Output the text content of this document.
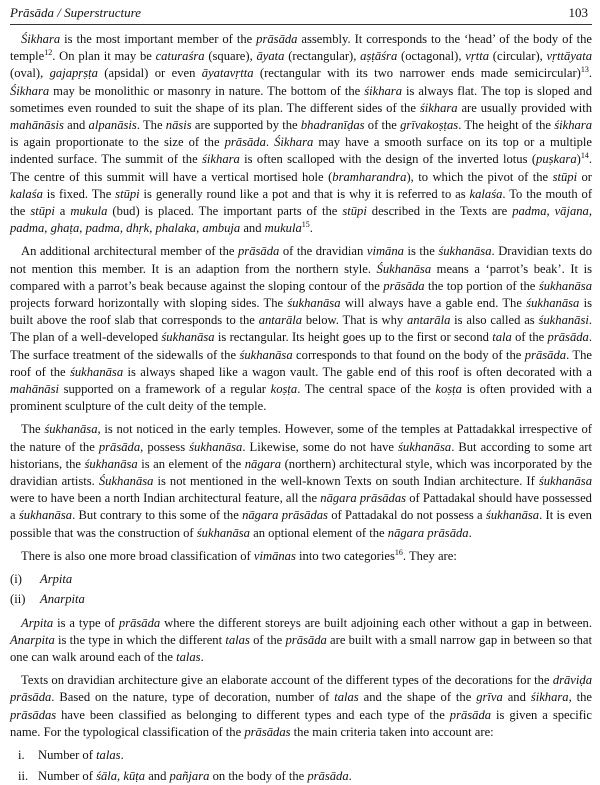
Prāsāda / Superstructure	103

Śikhara is the most important member of the prāsāda assembly. It corresponds to the ‘head’ of the body of the temple$^{12}$. On plan it may be caturaśra (square), āyata (rectangular), aṣṭāśra (octagonal), vṛtta (circular), vṛttāyata (oval), gajapṛṣṭa (apsidal) or even āyatavṛtta (rectangular with its two narrower ends made semicircular)$^{13}$. Śikhara may be monolithic or masonry in nature. The bottom of the śikhara is always flat. The top is sloped and sometimes even rounded to suit the shape of its plan. The different sides of the śikhara are usually provided with mahānāsis and alpanāsis. The nāsis are supported by the bhadranīḍas of the grīvakoṣṭas. The height of the śikhara is again proportionate to the size of the prāsāda. Śikhara may have a smooth surface on its top or a multiple indented surface. The summit of the śikhara is often scalloped with the design of the inverted lotus (puṣkara)$^{14}$. The centre of this summit will have a vertical mortised hole (bramharandra), to which the pivot of the stūpi or kalaśa is fixed. The stūpi is generally round like a pot and that is why it is referred to as kalaśa. To the mouth of the stūpi a mukula (bud) is placed. The important parts of the stūpi described in the Texts are padma, vājana, padma, ghaṭa, padma, dhṛk, phalaka, ambuja and mukula$^{15}$.

An additional architectural member of the prāsāda of the dravidian vimāna is the śukhanāsa. Dravidian texts do not mention this member. It is an adaption from the northern style. Śukhanāsa means a ‘parrot’s beak’. It is compared with a parrot’s beak because against the sloping contour of the prāsāda the top portion of the śukhanāsa projects forward horizontally with sloping sides. The śukhanāsa will always have a gable end. The śukhanāsa is built above the roof slab that corresponds to the antarāla below. That is why antarāla is also called as śukhanāsi. The plan of a well-developed śukhanāsa is rectangular. Its height goes up to the first or second tala of the prāsāda. The surface treatment of the sidewalls of the śukhanāsa corresponds to that found on the body of the prāsāda. The roof of the śukhanāsa is always shaped like a wagon vault. The gable end of this roof is often decorated with a mahānāsi supported on a framework of a regular koṣṭa. The central space of the koṣṭa is often provided with a prominent sculpture of the cult deity of the temple.

The śukhanāsa, is not noticed in the early temples. However, some of the temples at Pattadakkal irrespective of the nature of the prāsāda, possess śukhanāsa. Likewise, some do not have śukhanāsa. But according to some art historians, the śukhanāsa is an element of the nāgara (northern) architectural style, which was incorporated by the dravidian artists. Śukhanāsa is not mentioned in the well-known Texts on south Indian architecture. If śukhanāsa were to have been a north Indian architectural feature, all the nāgara prāsādas of Pattadakal should have possessed a śukhanāsa. But contrary to this some of the nāgara prāsādas of Pattadakal do not possess a śukhanāsa. It is even possible that was the construction of śukhanāsa an optional element of the nāgara prāsāda.

There is also one more broad classification of vimānas into two categories$^{16}$. They are:

(i) Arpita
(ii) Anarpita

Arpita is a type of prāsāda where the different storeys are built adjoining each other without a gap in between. Anarpita is the type in which the different talas of the prāsāda are built with a small narrow gap in between so that one can walk around each of the talas.

Texts on dravidian architecture give an elaborate account of the different types of the decorations for the drāviḍa prāsāda. Based on the nature, type of decoration, number of talas and the shape of the grīva and śikhara, the prāsādas have been classified as belonging to different types and each type of the prāsāda is given a specific name. For the typological classification of the prāsādas the main criteria taken into account are:

i. Number of talas.
ii. Number of śāla, kūṭa and pañjara on the body of the prāsāda.
